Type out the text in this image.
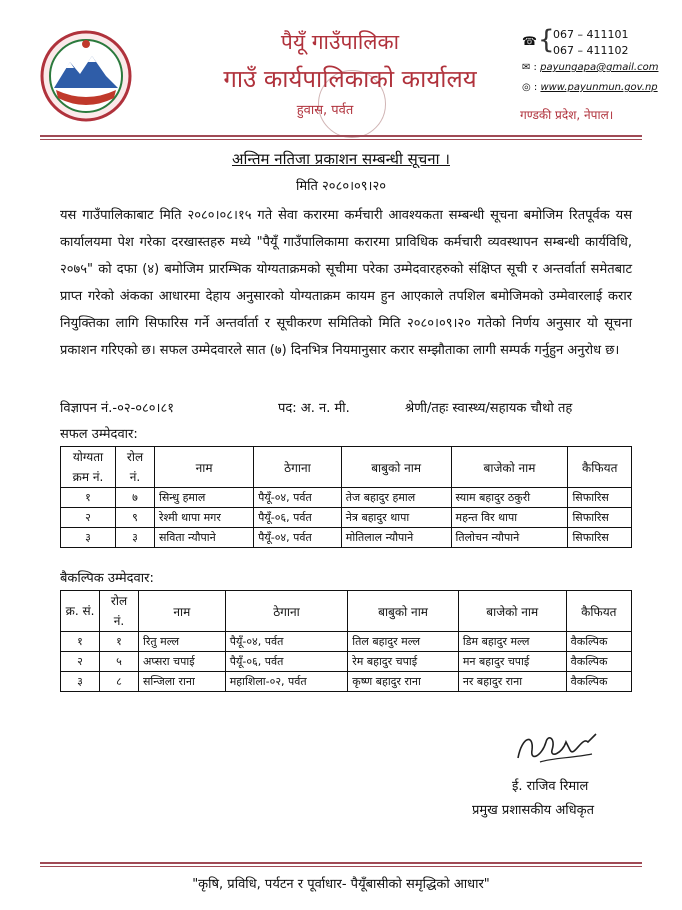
पैयूँ गाउँपालिका
गाउँ कार्यपालिकाको कार्यालय
हुवास, पर्वत
☎ {
067 – 411101
067 – 411102
✉ : payungapa@gmail.com
◎ : www.payunmun.gov.np
गण्डकी प्रदेश, नेपाल।
अन्तिम नतिजा प्रकाशन सम्बन्धी सूचना ।
मिति २०८०।०९।२०
यस गाउँपालिकाबाट मिति २०८०।०८।१५ गते सेवा करारमा कर्मचारी आवश्यकता सम्बन्धी सूचना बमोजिम रितपूर्वक यस कार्यालयमा पेश गरेका दरखास्तहरु मध्ये "पैयूँ गाउँपालिकामा करारमा प्राविधिक कर्मचारी व्यवस्थापन सम्बन्धी कार्यविधि, २०७५" को दफा (४) बमोजिम प्रारम्भिक योग्यताक्रमको सूचीमा परेका उम्मेदवारहरुको संक्षिप्त सूची र अन्तर्वार्ता समेतबाट प्राप्त गरेको अंकका आधारमा देहाय अनुसारको योग्यताक्रम कायम हुन आएकाले तपशिल बमोजिमको उम्मेवारलाई करार नियुक्तिका लागि सिफारिस गर्ने अन्तर्वार्ता र सूचीकरण समितिको मिति २०८०।०९।२० गतेको निर्णय अनुसार यो सूचना प्रकाशन गरिएको छ। सफल उम्मेदवारले सात (७) दिनभित्र नियमानुसार करार सम्झौताका लागी सम्पर्क गर्नुहुन अनुरोध छ।
विज्ञापन नं.-०२-०८०।८१	पद: अ. न. मी.	श्रेणी/तहः स्वास्थ्य/सहायक चौथो तह
सफल उम्मेदवार:
योग्यता क्रम नं.	रोल नं.	नाम	ठेगाना	बाबुको नाम	बाजेको नाम	कैफियत
१	७	सिन्धु हमाल	पैयूँ-०४, पर्वत	तेज बहादुर हमाल	स्याम बहादुर ठकुरी	सिफारिस
२	९	रेश्मी थापा मगर	पैयूँ-०६, पर्वत	नेत्र बहादुर थापा	महन्त विर थापा	सिफारिस
३	३	सविता न्यौपाने	पैयूँ-०४, पर्वत	मोतिलाल न्यौपाने	तिलोचन न्यौपाने	सिफारिस
बैकल्पिक उम्मेदवार:
क्र. सं.	रोल नं.	नाम	ठेगाना	बाबुको नाम	बाजेको नाम	कैफियत
१	१	रितु मल्ल	पैयूँ-०४, पर्वत	तिल बहादुर मल्ल	डिम बहादुर मल्ल	वैकल्पिक
२	५	अप्सरा चपाई	पैयूँ-०६, पर्वत	रेम बहादुर चपाई	मन बहादुर चपाई	वैकल्पिक
३	८	सन्जिला राना	महाशिला-०२, पर्वत	कृष्ण बहादुर राना	नर बहादुर राना	वैकल्पिक
ई. राजिव रिमाल
प्रमुख प्रशासकीय अधिकृत
"कृषि, प्रविधि, पर्यटन र पूर्वाधार- पैयूँबासीको समृद्धिको आधार"
